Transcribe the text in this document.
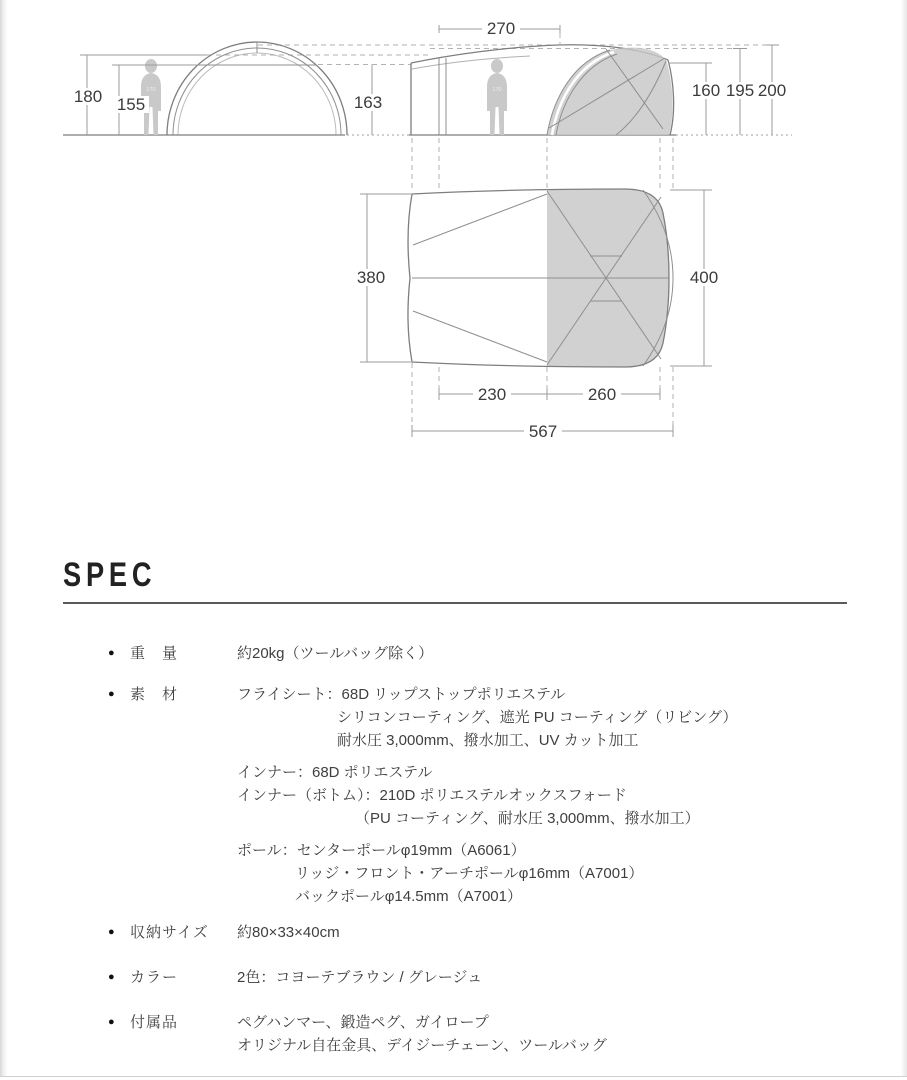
170
180 155
170
270
163
160 195 200
380	400
230	260
567
SPEC
●	重　量	約20kg（ツールバッグ除く）
●	素　材	フライシート：68D リップストップポリエステル
シリコンコーティング、遮光 PU コーティング（リビング）
耐水圧 3,000mm、撥水加工、UV カット加工
インナー：68D ポリエステル
インナー（ボトム）：210D ポリエステルオックスフォード
（PU コーティング、耐水圧 3,000mm、撥水加工）
ポール：センターポールφ19mm（A6061）
リッジ・フロント・アーチポールφ16mm（A7001）
バックポールφ14.5mm（A7001）
●	収納サイズ	約80×33×40cm
●	カラー	2色：コヨーテブラウン / グレージュ
●	付属品	ペグハンマー、鍛造ペグ、ガイロープ
オリジナル自在金具、デイジーチェーン、ツールバッグ
